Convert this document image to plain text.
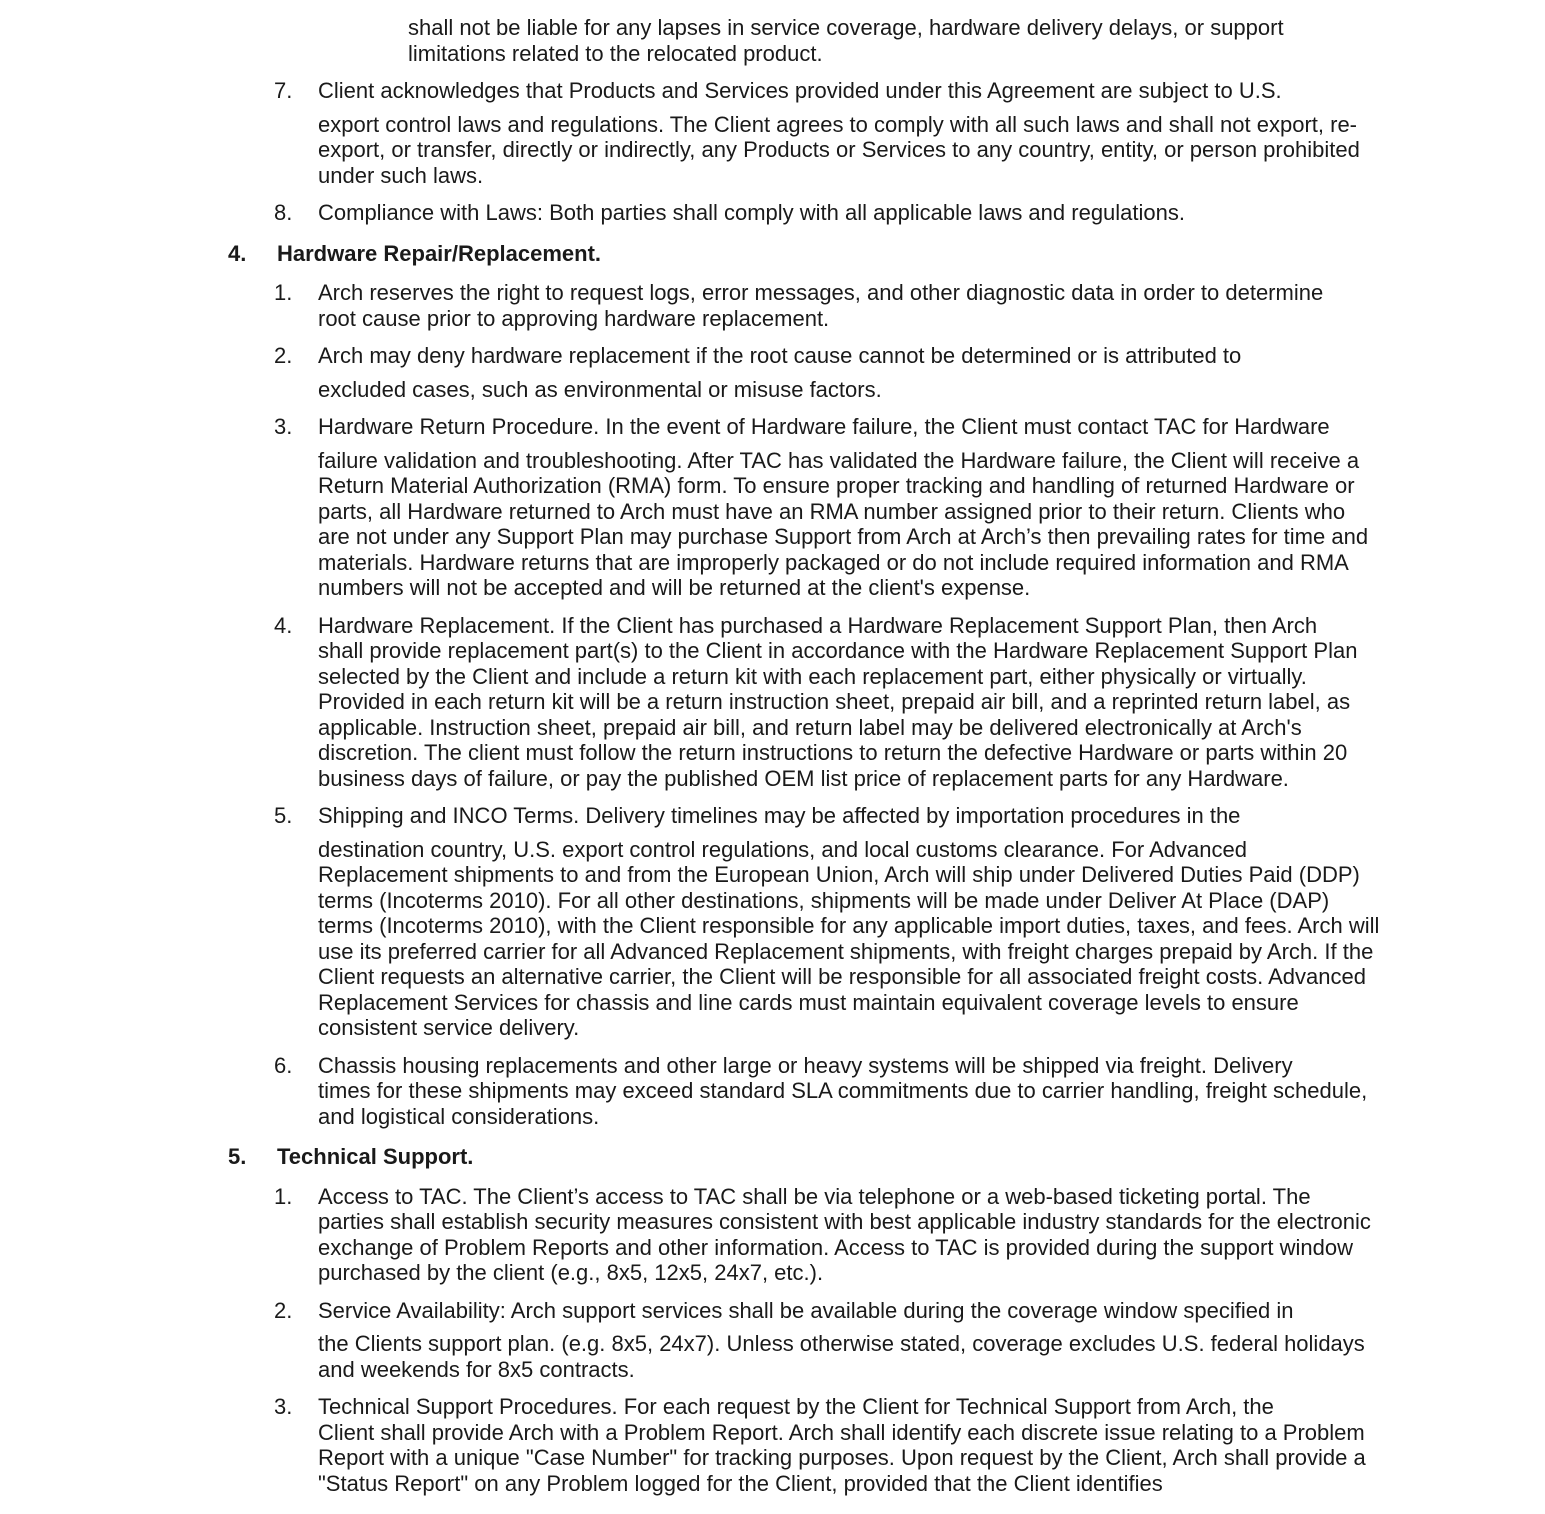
shall not be liable for any lapses in service coverage, hardware delivery delays, or support
limitations related to the relocated product.
7. Client acknowledges that Products and Services provided under this Agreement are subject to U.S.
export control laws and regulations. The Client agrees to comply with all such laws and shall not export, re-export, or transfer, directly or indirectly, any Products or Services to any country, entity, or person prohibited under such laws.
8. Compliance with Laws: Both parties shall comply with all applicable laws and regulations.
4. Hardware Repair/Replacement.
1. Arch reserves the right to request logs, error messages, and other diagnostic data in order to determine
root cause prior to approving hardware replacement.
2. Arch may deny hardware replacement if the root cause cannot be determined or is attributed to
excluded cases, such as environmental or misuse factors.
3. Hardware Return Procedure. In the event of Hardware failure, the Client must contact TAC for Hardware
failure validation and troubleshooting. After TAC has validated the Hardware failure, the Client will receive a Return Material Authorization (RMA) form. To ensure proper tracking and handling of returned Hardware or parts, all Hardware returned to Arch must have an RMA number assigned prior to their return. Clients who are not under any Support Plan may purchase Support from Arch at Arch’s then prevailing rates for time and materials. Hardware returns that are improperly packaged or do not include required information and RMA numbers will not be accepted and will be returned at the client's expense.
4. Hardware Replacement. If the Client has purchased a Hardware Replacement Support Plan, then Arch
shall provide replacement part(s) to the Client in accordance with the Hardware Replacement Support Plan selected by the Client and include a return kit with each replacement part, either physically or virtually. Provided in each return kit will be a return instruction sheet, prepaid air bill, and a reprinted return label, as applicable. Instruction sheet, prepaid air bill, and return label may be delivered electronically at Arch's discretion. The client must follow the return instructions to return the defective Hardware or parts within 20 business days of failure, or pay the published OEM list price of replacement parts for any Hardware.
5. Shipping and INCO Terms. Delivery timelines may be affected by importation procedures in the
destination country, U.S. export control regulations, and local customs clearance. For Advanced Replacement shipments to and from the European Union, Arch will ship under Delivered Duties Paid (DDP) terms (Incoterms 2010). For all other destinations, shipments will be made under Deliver At Place (DAP) terms (Incoterms 2010), with the Client responsible for any applicable import duties, taxes, and fees. Arch will use its preferred carrier for all Advanced Replacement shipments, with freight charges prepaid by Arch. If the Client requests an alternative carrier, the Client will be responsible for all associated freight costs. Advanced Replacement Services for chassis and line cards must maintain equivalent coverage levels to ensure consistent service delivery.
6. Chassis housing replacements and other large or heavy systems will be shipped via freight. Delivery
times for these shipments may exceed standard SLA commitments due to carrier handling, freight schedule, and logistical considerations.
5. Technical Support.
1. Access to TAC. The Client’s access to TAC shall be via telephone or a web-based ticketing portal. The
parties shall establish security measures consistent with best applicable industry standards for the electronic exchange of Problem Reports and other information. Access to TAC is provided during the support window purchased by the client (e.g., 8x5, 12x5, 24x7, etc.).
2. Service Availability: Arch support services shall be available during the coverage window specified in
the Clients support plan. (e.g. 8x5, 24x7). Unless otherwise stated, coverage excludes U.S. federal holidays and weekends for 8x5 contracts.
3. Technical Support Procedures. For each request by the Client for Technical Support from Arch, the
Client shall provide Arch with a Problem Report. Arch shall identify each discrete issue relating to a Problem Report with a unique "Case Number" for tracking purposes. Upon request by the Client, Arch shall provide a "Status Report" on any Problem logged for the Client, provided that the Client identifies
